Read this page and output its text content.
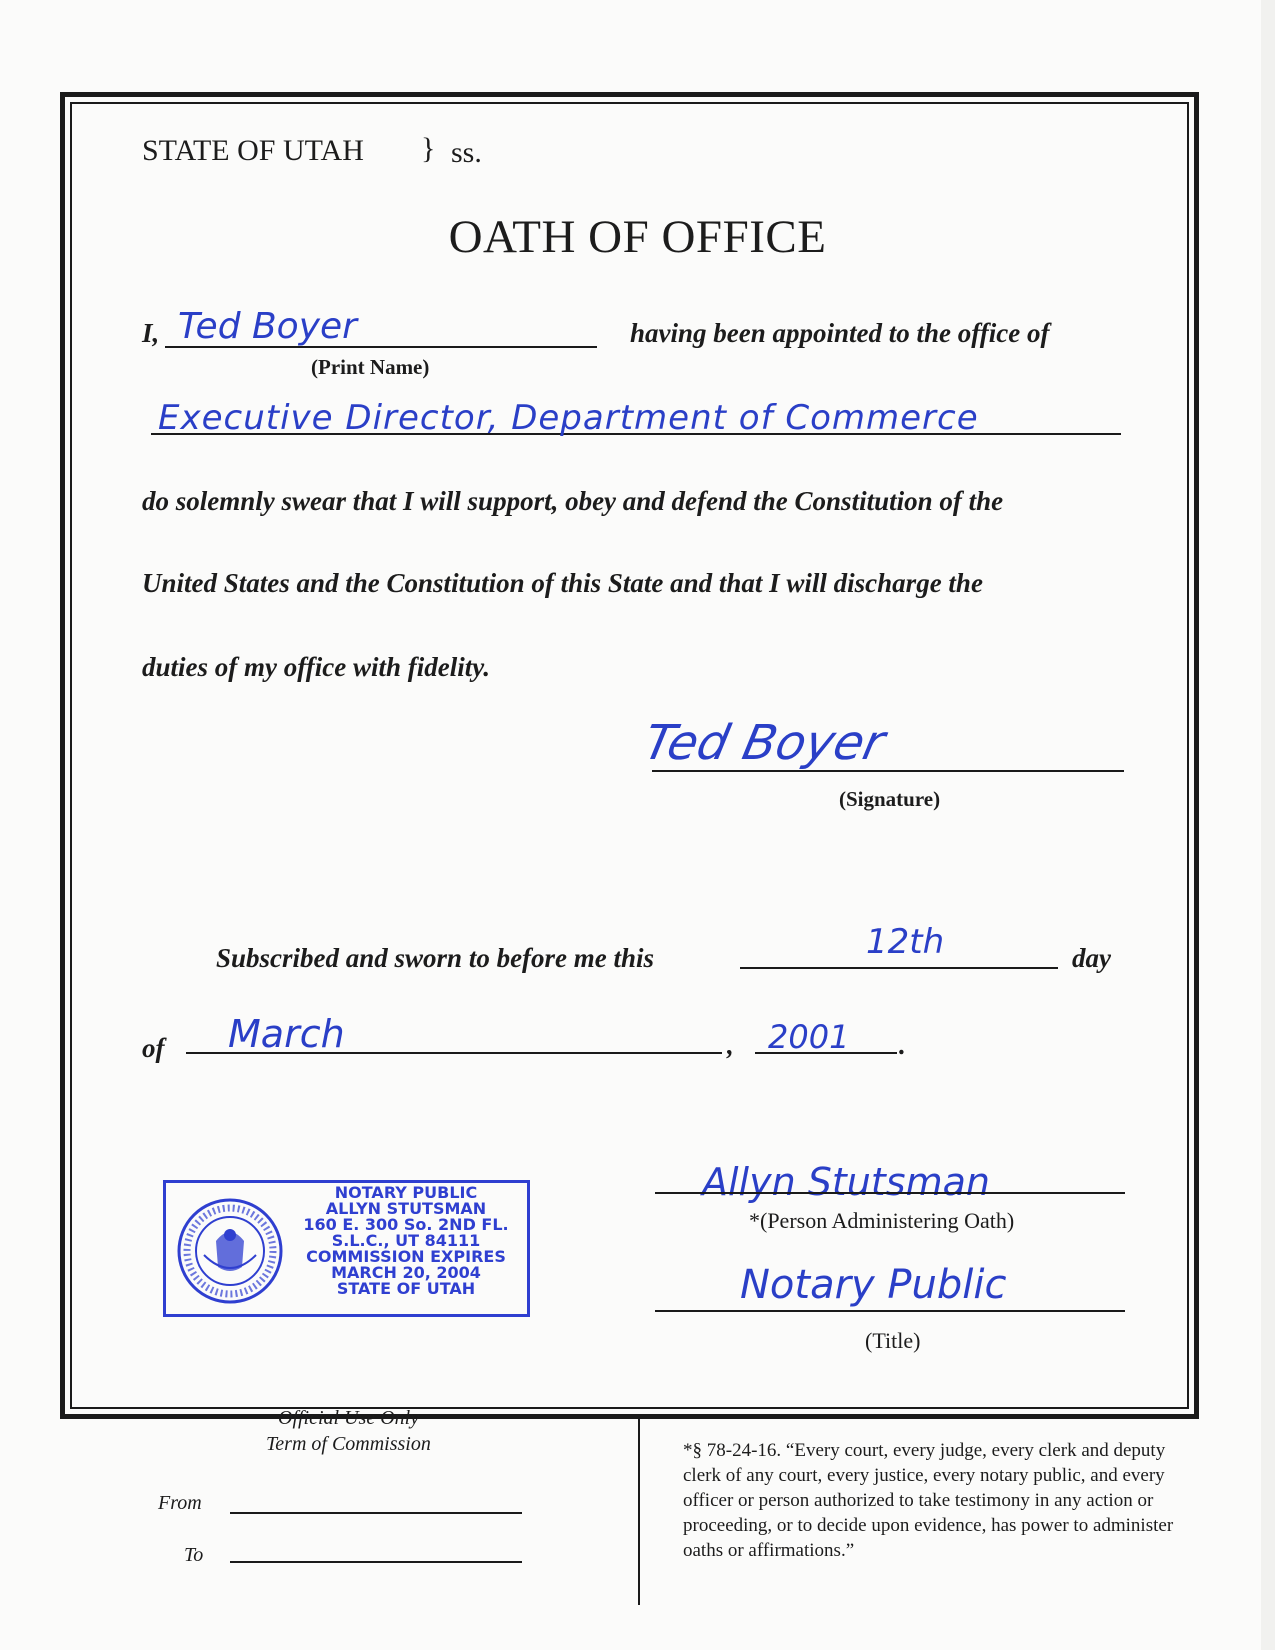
STATE OF UTAH } ss.
OATH OF OFFICE
I, Ted Boyer
(Print Name)
having been appointed to the office of
Executive Director, Department of Commerce
do solemnly swear that I will support, obey and defend the Constitution of the
United States and the Constitution of this State and that I will discharge the
duties of my office with fidelity.
Ted Boyer
(Signature)
Subscribed and sworn to before me this	12th	day
of March	, 2001 .
NOTARY PUBLIC
ALLYN STUTSMAN
160 E. 300 So. 2ND FL.
S.L.C., UT 84111
COMMISSION EXPIRES
MARCH 20, 2004
STATE OF UTAH
Allyn Stutsman
*(Person Administering Oath)
Notary Public
(Title)
Official Use Only
Term of Commission
From
To
*§ 78-24-16. “Every court, every judge, every clerk and deputy clerk of any court, every justice, every notary public, and every officer or person authorized to take testimony in any action or proceeding, or to decide upon evidence, has power to administer oaths or affirmations.”
